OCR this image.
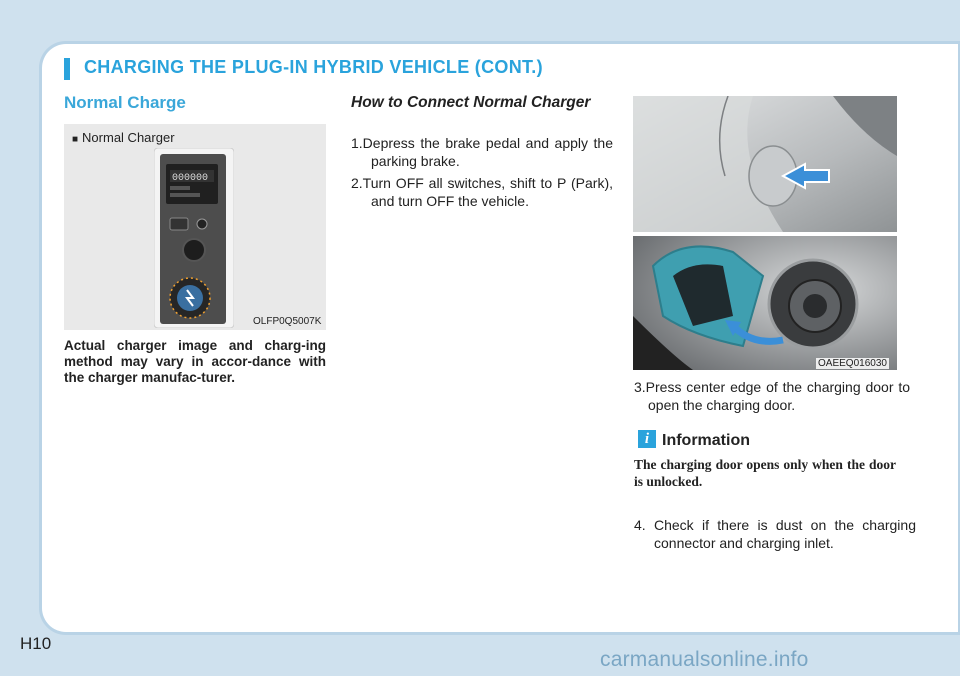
CHARGING THE PLUG-IN HYBRID VEHICLE (CONT.)
Normal Charge
■ Normal Charger
000000
OLFP0Q5007K
Actual charger image and charg-ing method may vary in accor-dance with the charger manufac-turer.
How to Connect Normal Charger
1.Depress the brake pedal and apply the parking brake.
2.Turn OFF all switches, shift to P (Park), and turn OFF the vehicle.
OAEEQ016030
3.Press center edge of the charging door to open the charging door.
i Information
The charging door opens only when the door is unlocked.
4. Check if there is dust on the charging connector and charging inlet.
H10
carmanualsonline.info
